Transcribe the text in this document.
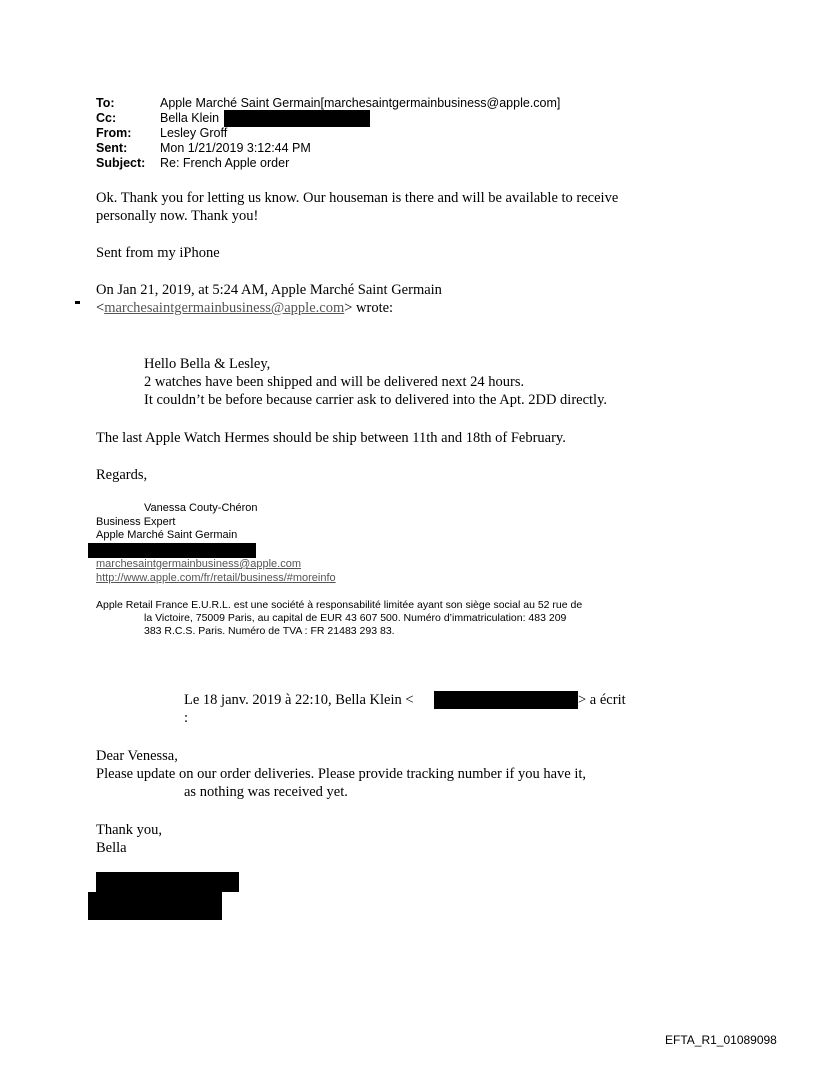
To:	Apple Marché Saint Germain[marchesaintgermainbusiness@apple.com]
Cc:	Bella Klein
From: Lesley Groff
Sent:	Mon 1/21/2019 3:12:44 PM
Subject: Re: French Apple order
Ok. Thank you for letting us know. Our houseman is there and will be available to receive
personally now. Thank you!
Sent from my iPhone
On Jan 21, 2019, at 5:24 AM, Apple Marché Saint Germain
<marchesaintgermainbusiness@apple.com> wrote:
Hello Bella & Lesley,
2 watches have been shipped and will be delivered next 24 hours.
It couldn’t be before because carrier ask to delivered into the Apt. 2DD directly.
The last Apple Watch Hermes should be ship between 11th and 18th of February.
Regards,
Vanessa Couty-Chéron
Business Expert
Apple Marché Saint Germain
marchesaintgermainbusiness@apple.com
http://www.apple.com/fr/retail/business/#moreinfo
Apple Retail France E.U.R.L. est une société à responsabilité limitée ayant son siège social au 52 rue de
la Victoire, 75009 Paris, au capital de EUR 43 607 500. Numéro d’immatriculation: 483 209
383 R.C.S. Paris. Numéro de TVA : FR 21483 293 83.
Le 18 janv. 2019 à 22:10, Bella Klein <	> a écrit
:
Dear Venessa,
Please update on our order deliveries. Please provide tracking number if you have it,
as nothing was received yet.
Thank you,
Bella
EFTA_R1_01089098
